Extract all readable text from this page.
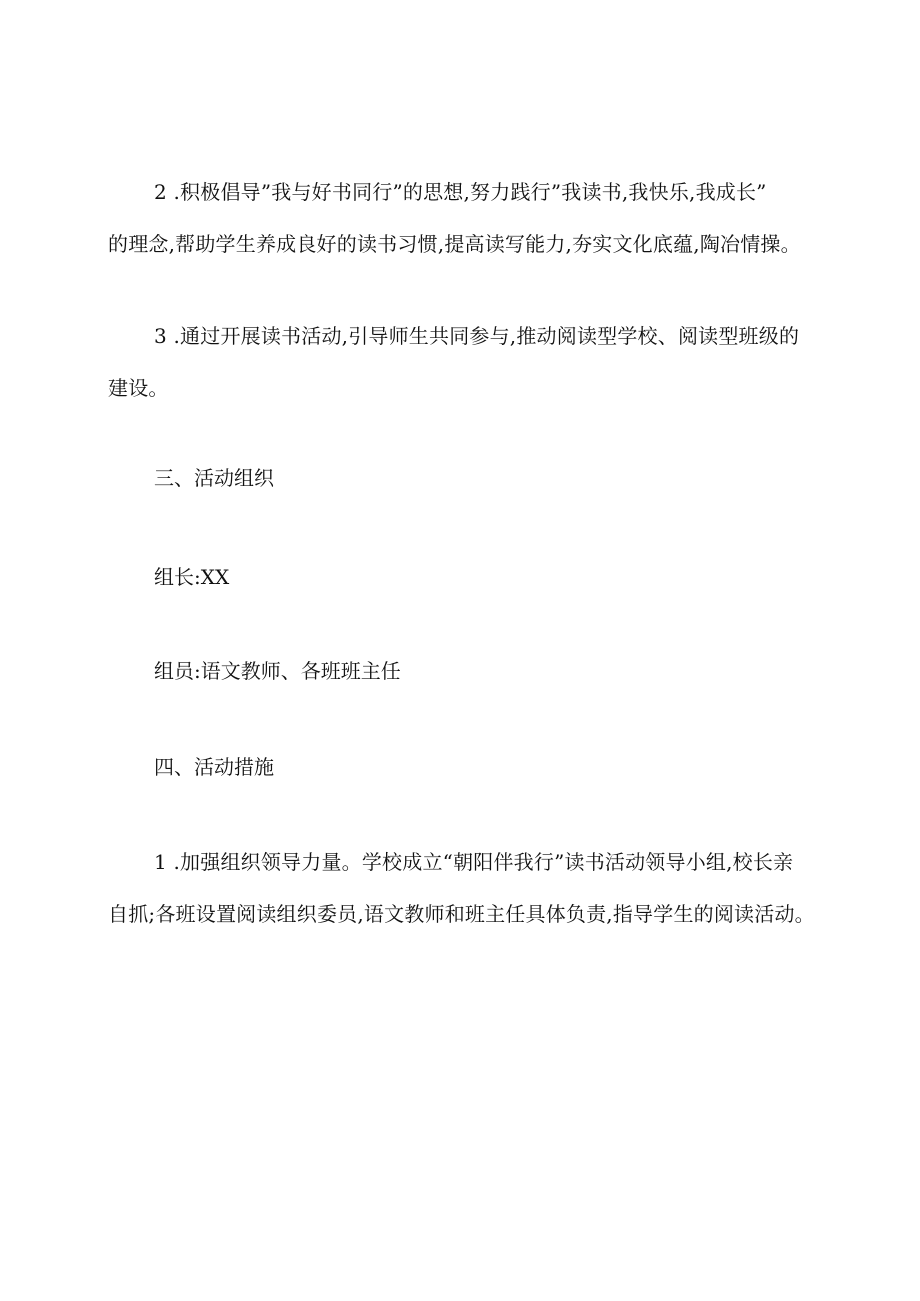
2 .积极倡导”我与好书同行”的思想,努力践行”我读书,我快乐,我成长”
的理念,帮助学生养成良好的读书习惯,提高读写能力,夯实文化底蕴,陶冶情操。

3 .通过开展读书活动,引导师生共同参与,推动阅读型学校、阅读型班级的
建设。

三、活动组织

组长:XX

组员:语文教师、各班班主任

四、活动措施

1 .加强组织领导力量。学校成立“朝阳伴我行”读书活动领导小组,校长亲
自抓;各班设置阅读组织委员,语文教师和班主任具体负责,指导学生的阅读活动。
